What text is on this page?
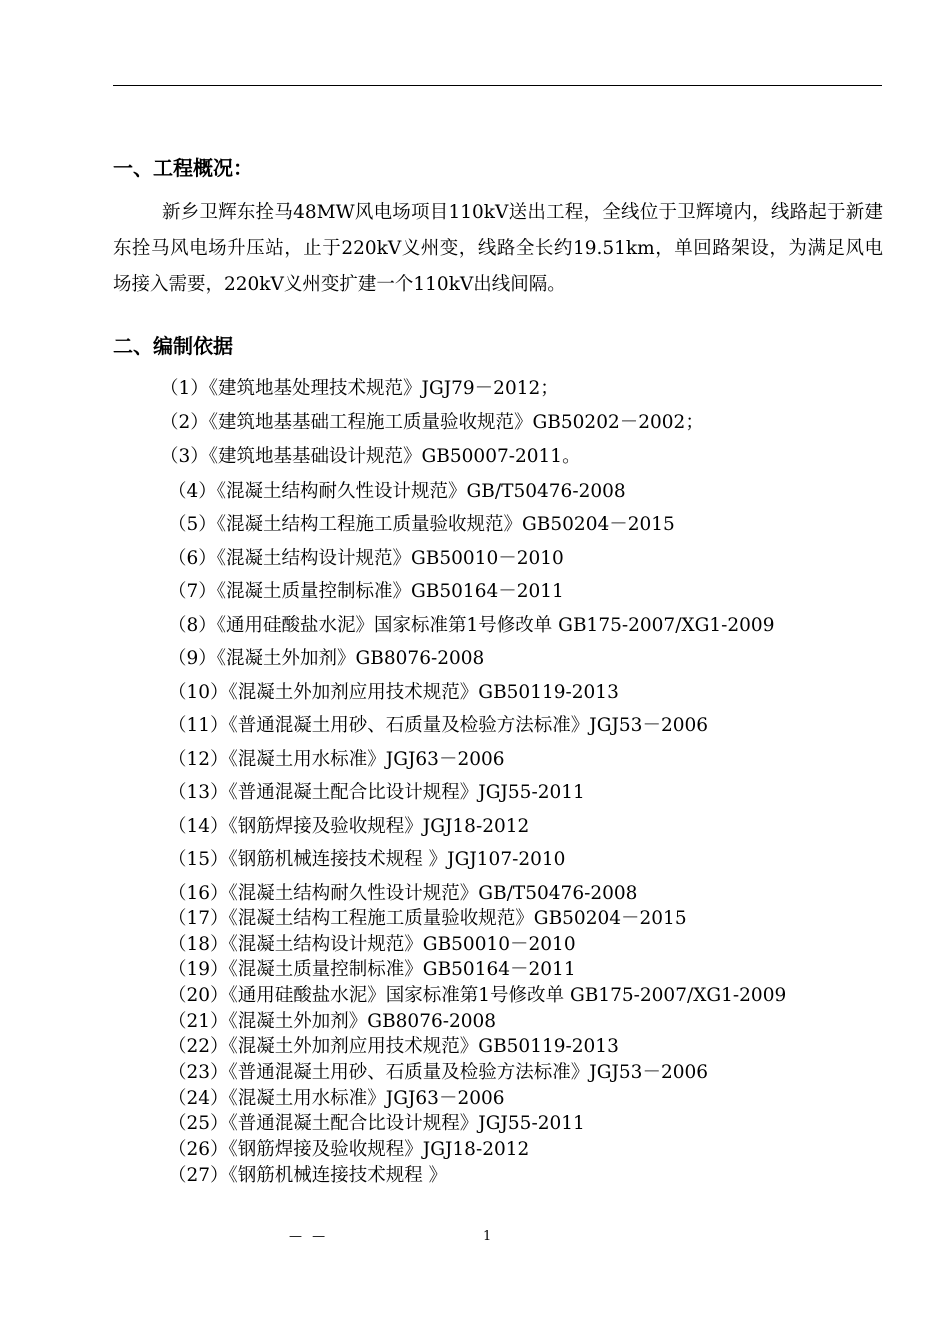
一、工程概况：
新乡卫辉东拴马48MW风电场项目110kV送出工程，全线位于卫辉境内，线路起于新建东拴马风电场升压站，止于220kV义州变，线路全长约19.51km，单回路架设，为满足风电场接入需要，220kV义州变扩建一个110kV出线间隔。
二、编制依据
（1）《建筑地基处理技术规范》JGJ79－2012；
（2）《建筑地基基础工程施工质量验收规范》GB50202－2002；
（3）《建筑地基基础设计规范》GB50007-2011。
（4）《混凝土结构耐久性设计规范》GB/T50476-2008
（5）《混凝土结构工程施工质量验收规范》GB50204－2015
（6）《混凝土结构设计规范》GB50010－2010
（7）《混凝土质量控制标准》GB50164－2011
（8）《通用硅酸盐水泥》国家标准第1号修改单 GB175-2007/XG1-2009
（9）《混凝土外加剂》GB8076-2008
（10）《混凝土外加剂应用技术规范》GB50119-2013
（11）《普通混凝土用砂、石质量及检验方法标准》JGJ53－2006
（12）《混凝土用水标准》JGJ63－2006
（13）《普通混凝土配合比设计规程》JGJ55-2011
（14）《钢筋焊接及验收规程》JGJ18-2012
（15）《钢筋机械连接技术规程 》JGJ107-2010
（16）《混凝土结构耐久性设计规范》GB/T50476-2008
（17）《混凝土结构工程施工质量验收规范》GB50204－2015
（18）《混凝土结构设计规范》GB50010－2010
（19）《混凝土质量控制标准》GB50164－2011
（20）《通用硅酸盐水泥》国家标准第1号修改单 GB175-2007/XG1-2009
（21）《混凝土外加剂》GB8076-2008
（22）《混凝土外加剂应用技术规范》GB50119-2013
（23）《普通混凝土用砂、石质量及检验方法标准》JGJ53－2006
（24）《混凝土用水标准》JGJ63－2006
（25）《普通混凝土配合比设计规程》JGJ55-2011
（26）《钢筋焊接及验收规程》JGJ18-2012
（27）《钢筋机械连接技术规程 》
— —	1
